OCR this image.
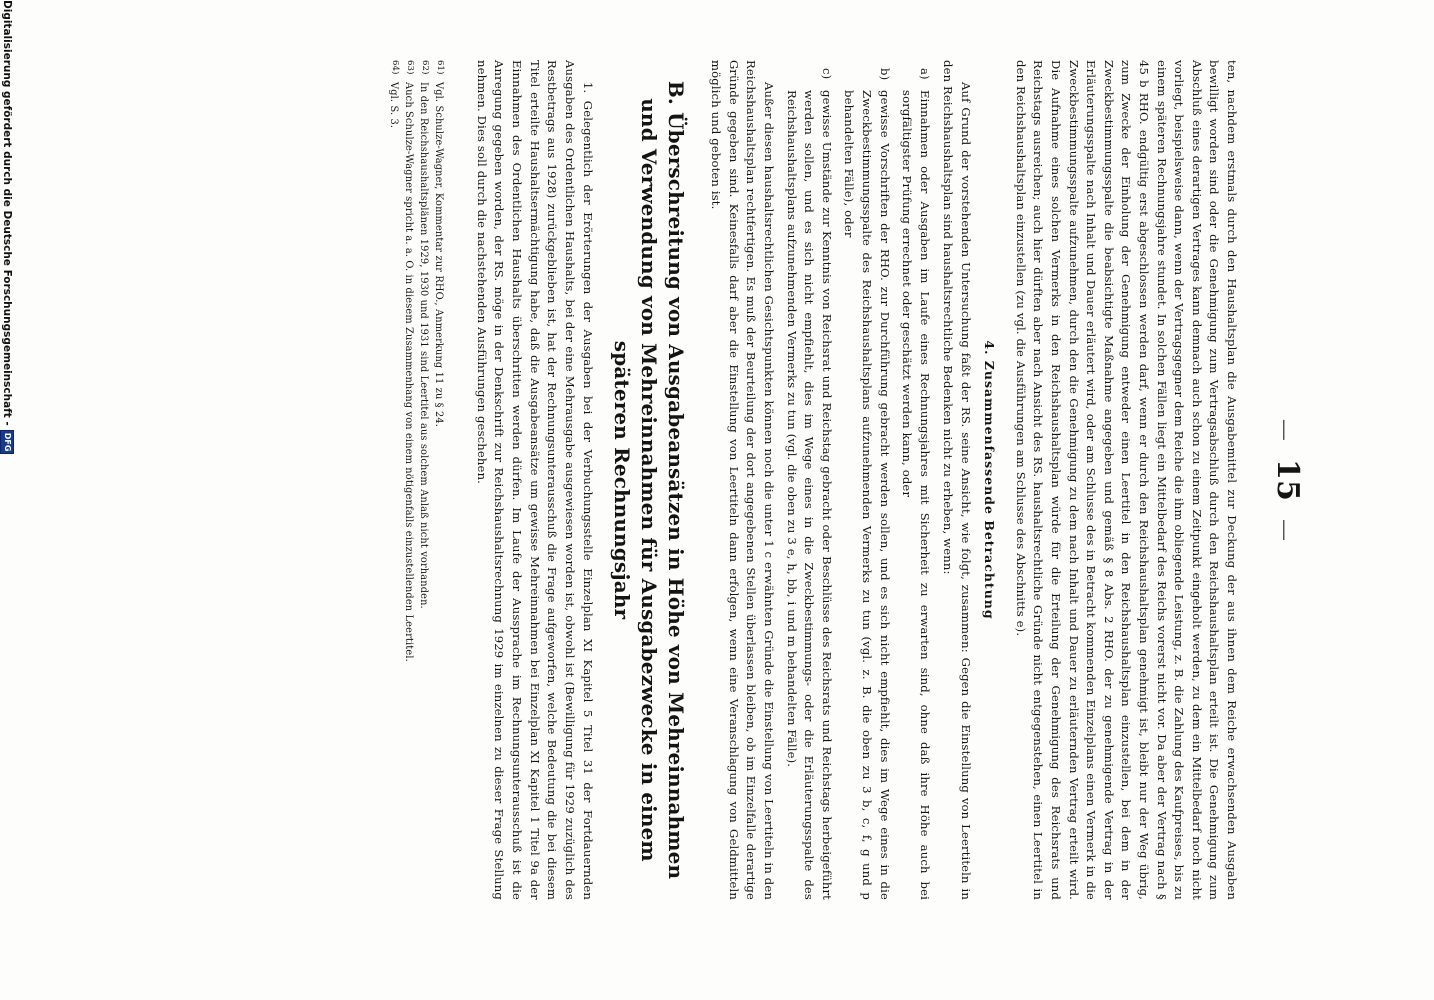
Digitalisierung gefördert durch die Deutsche Forschungsgemeinschaft -
DFG
—15—

ten, nachdem erstmals durch den Haushaltsplan die Ausgabemittel zur Deckung der aus ihnen dem Reiche erwachsenden Ausgaben bewilligt worden sind oder die Genehmigung zum Vertragsabschluß durch den Reichshaushaltsplan erteilt ist. Die Genehmigung zum Abschluß eines derartigen Vertrages kann demnach auch schon zu einem Zeitpunkt eingeholt werden, zu dem ein Mittelbedarf noch nicht vorliegt, beispielsweise dann, wenn der Vertragsgegner dem Reiche die ihm obliegende Leistung, z. B. die Zahlung des Kaufpreises, bis zu einem späteren Rechnungsjahre stundet. In solchen Fällen liegt ein Mittelbedarf des Reichs vorerst nicht vor. Da aber der Vertrag nach § 45 b RHO. endgültig erst abgeschlossen werden darf, wenn er durch den Reichshaushaltsplan genehmigt ist, bleibt nur der Weg übrig, zum Zwecke der Einholung der Genehmigung entweder einen Leertitel in den Reichshaushaltsplan einzustellen, bei dem in der Zweckbestimmungsspalte die beabsichtigte Maßnahme angegeben und gemäß § 8 Abs. 2 RHO. der zu genehmigende Vertrag in der Erläuterungsspalte nach Inhalt und Dauer erläutert wird, oder am Schlusse des in Betracht kommenden Einzelplans einen Vermerk in die Zweckbestimmungsspalte aufzunehmen, durch den die Genehmigung zu dem nach Inhalt und Dauer zu erläuternden Vertrag erteilt wird. Die Aufnahme eines solchen Vermerks in den Reichshaushaltsplan würde für die Erteilung der Genehmigung des Reichsrats und Reichstags ausreichen; auch hier dürften aber nach Ansicht des RS. haushaltsrechtliche Gründe nicht entgegenstehen, einen Leertitel in den Reichshaushaltsplan einzustellen (zu vgl. die Ausführungen am Schlusse des Abschnitts e).

4. Zusammenfassende Betrachtung

Auf Grund der vorstehenden Untersuchung faßt der RS. seine Ansicht, wie folgt, zusammen: Gegen die Einstellung von Leertiteln in den Reichshaushaltsplan sind haushaltsrechtliche Bedenken nicht zu erheben, wenn:

a)
Einnahmen oder Ausgaben im Laufe eines Rechnungsjahres mit Sicherheit zu erwarten sind, ohne daß ihre Höhe auch bei sorgfältigster Prüfung errechnet oder geschätzt werden kann, oder
b)
gewisse Vorschriften der RHO. zur Durchführung gebracht werden sollen, und es sich nicht empfiehlt, dies im Wege eines in die Zweckbestimmungsspalte des Reichshaushaltsplans aufzunehmenden Vermerks zu tun (vgl. z. B. die oben zu 3 b, c, f, g und p behandelten Fälle), oder
c)
gewisse Umstände zur Kenntnis von Reichsrat und Reichstag gebracht oder Beschlüsse des Reichsrats und Reichstags herbeigeführt werden sollen, und es sich nicht empfiehlt, dies im Wege eines in die Zweckbestimmungs- oder die Erläuterungsspalte des Reichshaushaltsplans aufzunehmenden Vermerks zu tun (vgl. die oben zu 3 e, h, bb, i und m behandelten Fälle).

Außer diesen haushaltsrechtlichen Gesichtspunkten können noch die unter 1 c erwähnten Gründe die Einstellung von Leertiteln in den Reichshaushaltsplan rechtfertigen. Es muß der Beurteilung der dort angegebenen Stellen überlassen bleiben, ob im Einzelfalle derartige Gründe gegeben sind. Keinesfalls darf aber die Einstellung von Leertiteln dann erfolgen, wenn eine Veranschlagung von Geldmitteln möglich und geboten ist.

B. Überschreitung von Ausgabeansätzen in Höhe von Mehreinnahmen
und Verwendung von Mehreinnahmen für Ausgabezwecke in einem
späteren Rechnungsjahr

1. Gelegentlich der Erörterungen der Ausgaben bei der Verbuchungsstelle Einzelplan XI Kapitel 5 Titel 31 der Fortdauernden Ausgaben des Ordentlichen Haushalts, bei der eine Mehrausgabe ausgewiesen worden ist, obwohl ist (Bewilligung für 1929 zuzüglich des Restbetrags aus 1928) zurückgeblieben ist, hat der Rechnungsunterausschuß die Frage aufgeworfen, welche Bedeutung die bei diesem Titel erteilte Haushaltsermächtigung habe, daß die Ausgabeansätze um gewisse Mehreinnahmen bei Einzelplan XI Kapitel 1 Titel 9a der Einnahmen des Ordentlichen Haushalts überschritten werden dürfen. Im Laufe der Aussprache im Rechnungsunterausschuß ist die Anregung gegeben worden, der RS. möge in der Denkschrift zur Reichshaushaltsrechnung 1929 im einzelnen zu dieser Frage Stellung nehmen. Dies soll durch die nachstehenden Ausführungen geschehen.

61)
Vgl. Schulze-Wagner, Kommentar zur RHO., Anmerkung 11 zu § 24.
62)
In den Reichshaushaltsplänen 1929, 1930 und 1931 sind Leertitel aus solchem Anlaß nicht vorhanden.
63)
Auch Schulze-Wagner spricht a. a. O. in diesem Zusammenhang von einem nötigenfalls einzustellenden Leertitel.
64)
Vgl. S. 3.
